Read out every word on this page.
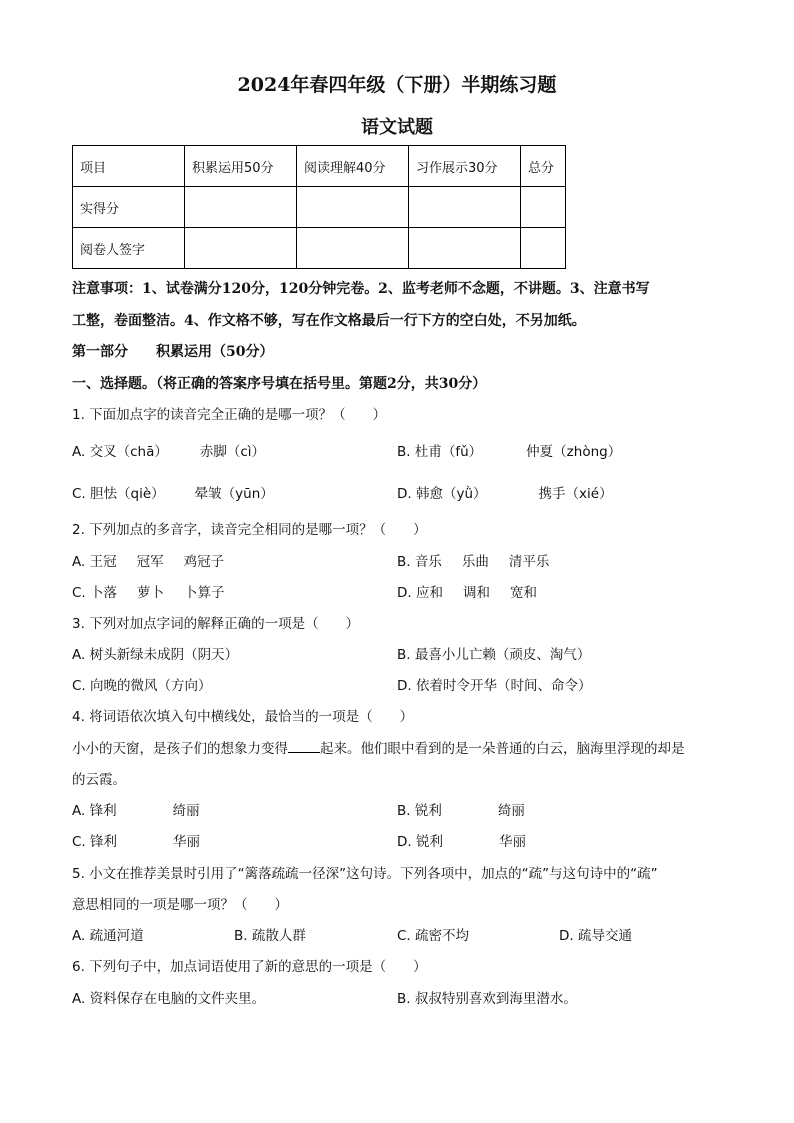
2024年春四年级（下册）半期练习题
语文试题
项目	积累运用50分	阅读理解40分	习作展示30分	总分
实得分				
阅卷人签字				
注意事项：1、试卷满分120分，120分钟完卷。2、监考老师不念题，不讲题。3、注意书写
工整，卷面整洁。4、作文格不够，写在作文格最后一行下方的空白处，不另加纸。
第一部分 积累运用（50分）
一、选择题。（将正确的答案序号填在括号里。第题2分，共30分）
1. 下面加点字的读音完全正确的是哪一项？（　　）
A. 交叉（chā） 赤脚（cì）	B. 杜甫（fǔ）	仲夏（zhòng）
C. 胆怯（qiè） 晕皱（yūn）	D. 韩愈（yǜ）	携手（xié）
2. 下列加点的多音字，读音完全相同的是哪一项？（　　）
A. 王冠 冠军 鸡冠子	B. 音乐 乐曲 清平乐
C. 卜落 萝卜 卜算子	D. 应和 调和 宽和
3. 下列对加点字词的解释正确的一项是（　　）
A. 树头新绿未成阴（阴天）	B. 最喜小儿亡赖（顽皮、淘气）
C. 向晚的微风（方向）	D. 依着时令开华（时间、命令）
4. 将词语依次填入句中横线处，最恰当的一项是（　　）
小小的天窗，是孩子们的想象力变得 起来。他们眼中看到的是一朵普通的白云，脑海里浮现的却是
的云霞。
A. 锋利	绮丽	B. 锐利	绮丽
C. 锋利	华丽	D. 锐利	华丽
5. 小文在推荐美景时引用了“篱落疏疏一径深”这句诗。下列各项中，加点的“疏”与这句诗中的“疏”
意思相同的一项是哪一项？（　　）
A. 疏通河道	B. 疏散人群	C. 疏密不均	D. 疏导交通
6. 下列句子中，加点词语使用了新的意思的一项是（　　）
A. 资料保存在电脑的文件夹里。	B. 叔叔特别喜欢到海里潜水。
